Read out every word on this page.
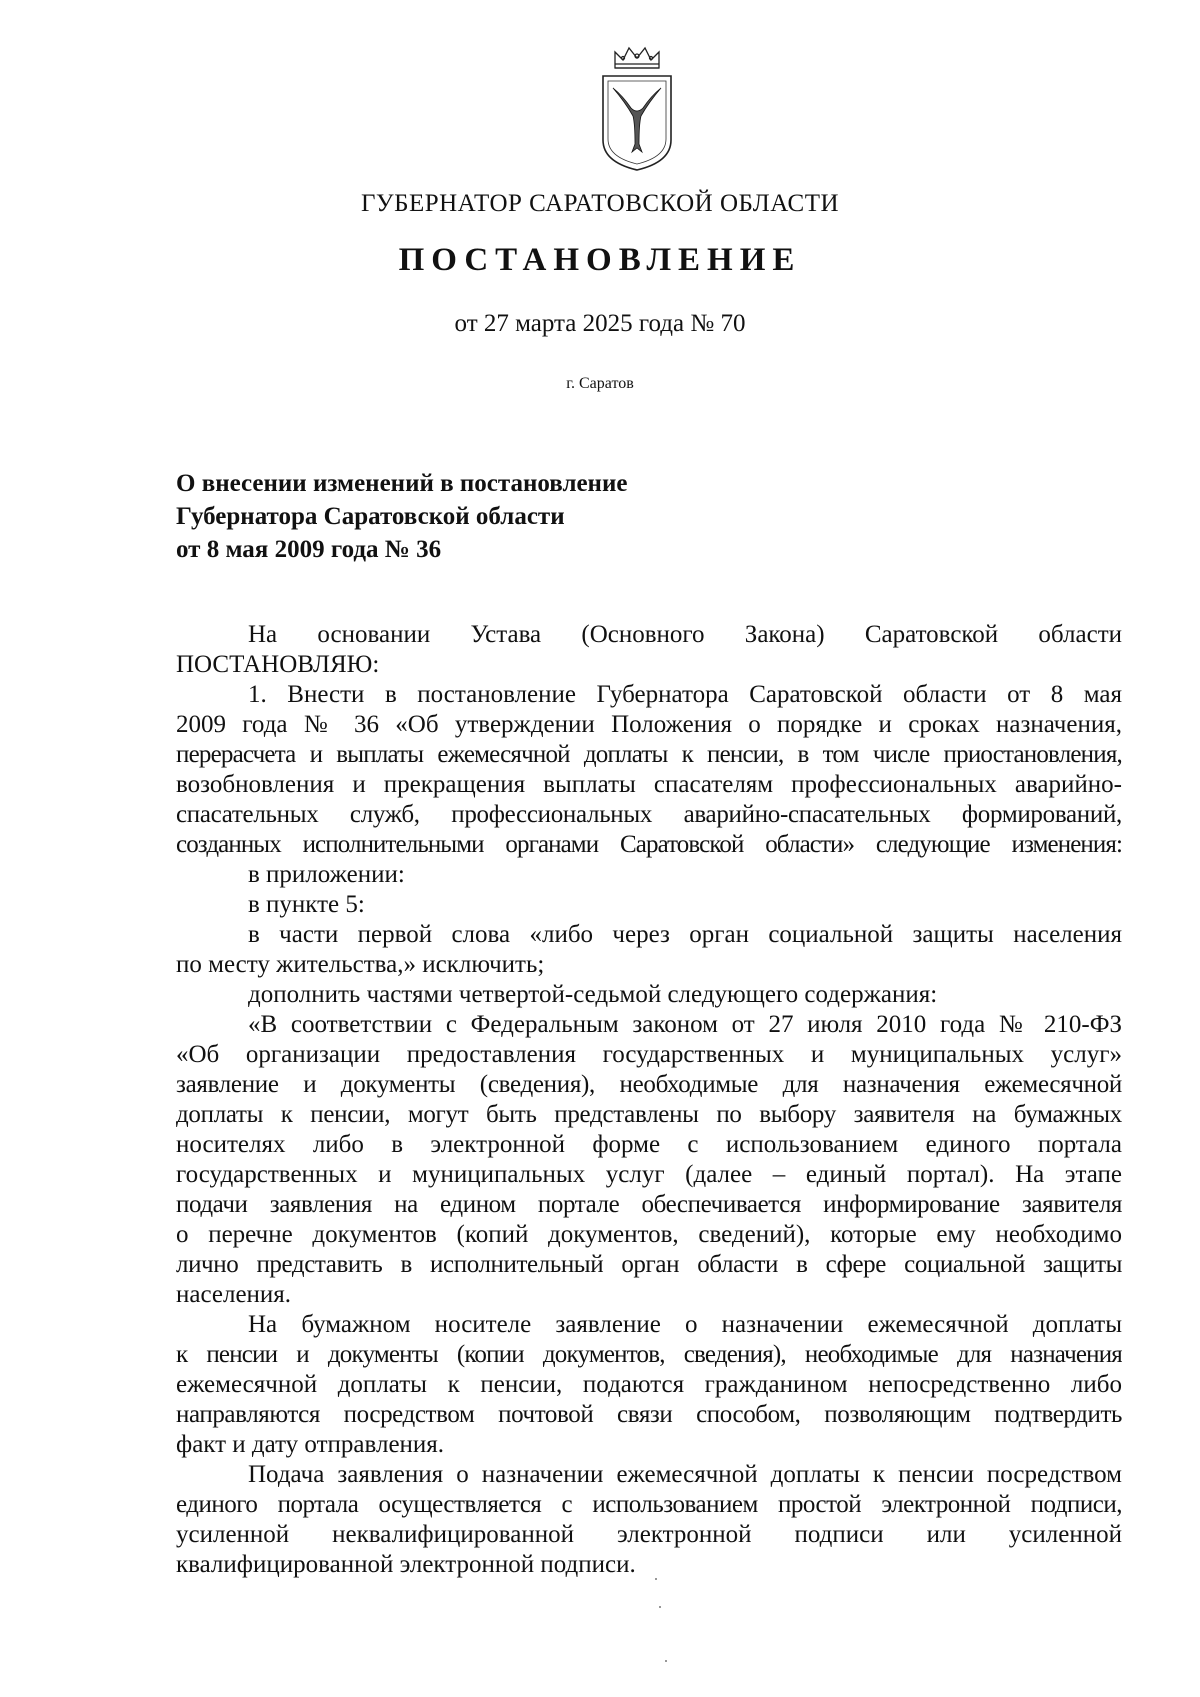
ГУБЕРНАТОР САРАТОВСКОЙ ОБЛАСТИ
ПОСТАНОВЛЕНИЕ
от 27 марта 2025 года № 70
г. Саратов
О внесении изменений в постановление
Губернатора Саратовской области
от 8 мая 2009 года № 36
На основании Устава (Основного Закона) Саратовской области
ПОСТАНОВЛЯЮ:
1. Внести в постановление Губернатора Саратовской области от 8 мая
2009 года № 36 «Об утверждении Положения о порядке и сроках назначения,
перерасчета и выплаты ежемесячной доплаты к пенсии, в том числе приостановления,
возобновления и прекращения выплаты спасателям профессиональных аварийно-
спасательных служб, профессиональных аварийно-спасательных формирований,
созданных исполнительными органами Саратовской области» следующие изменения:
в приложении:
в пункте 5:
в части первой слова «либо через орган социальной защиты населения
по месту жительства,» исключить;
дополнить частями четвертой-седьмой следующего содержания:
«В соответствии с Федеральным законом от 27 июля 2010 года № 210-ФЗ
«Об организации предоставления государственных и муниципальных услуг»
заявление и документы (сведения), необходимые для назначения ежемесячной
доплаты к пенсии, могут быть представлены по выбору заявителя на бумажных
носителях либо в электронной форме с использованием единого портала
государственных и муниципальных услуг (далее – единый портал). На этапе
подачи заявления на едином портале обеспечивается информирование заявителя
о перечне документов (копий документов, сведений), которые ему необходимо
лично представить в исполнительный орган области в сфере социальной защиты
населения.
На бумажном носителе заявление о назначении ежемесячной доплаты
к пенсии и документы (копии документов, сведения), необходимые для назначения
ежемесячной доплаты к пенсии, подаются гражданином непосредственно либо
направляются посредством почтовой связи способом, позволяющим подтвердить
факт и дату отправления.
Подача заявления о назначении ежемесячной доплаты к пенсии посредством
единого портала осуществляется с использованием простой электронной подписи,
усиленной неквалифицированной электронной подписи или усиленной
квалифицированной электронной подписи.
